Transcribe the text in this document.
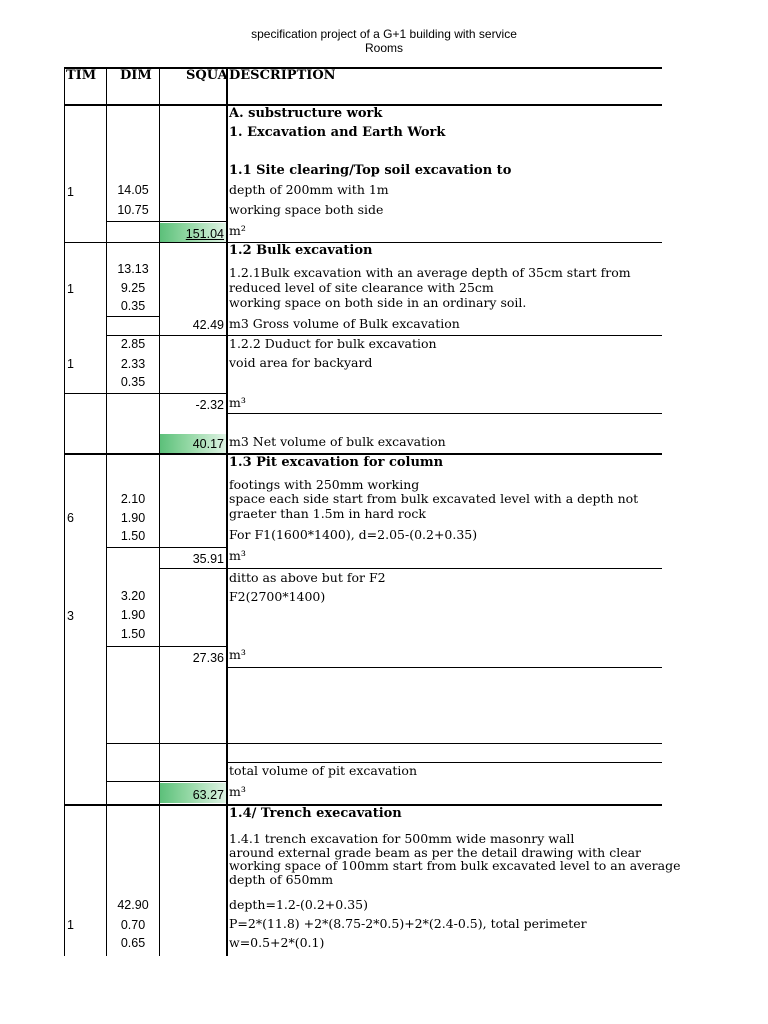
specification project of a G+1 building with service
Rooms
TIM DIM	SQUA DESCRIPTION
A. substructure work
1. Excavation and Earth Work
1.1 Site clearing/Top soil excavation to
depth of 200mm with 1m
working space both side
1	14.05
10.75
151.04 m²
1.2 Bulk excavation
1.2.1Bulk excavation with an average depth of 35cm start from
reduced level of site clearance with 25cm
working space on both side in an ordinary soil.
1
13.13
9.25
0.35
42.49 m3 Gross volume of Bulk excavation
1.2.2 Duduct for bulk excavation
void area for backyard
1
2.85
2.33
0.35
-2.32 m³
40.17 m3 Net volume of bulk excavation
1.3 Pit excavation for column
footings with 250mm working
space each side start from bulk excavated level with a depth not
graeter than 1.5m in hard rock
For F1(1600*1400), d=2.05-(0.2+0.35)
6
2.10
1.90
1.50
35.91 m³
ditto as above but for F2
F2(2700*1400)
3
3.20
1.90
1.50
27.36 m³
total volume of pit excavation
63.27 m³
1.4/ Trench execavation
1.4.1 trench excavation for 500mm wide masonry wall
around external grade beam as per the detail drawing with clear
working space of 100mm start from bulk excavated level to an average
depth of 650mm
depth=1.2-(0.2+0.35)
P=2*(11.8) +2*(8.75-2*0.5)+2*(2.4-0.5), total perimeter
w=0.5+2*(0.1)
1
42.90
0.70
0.65
